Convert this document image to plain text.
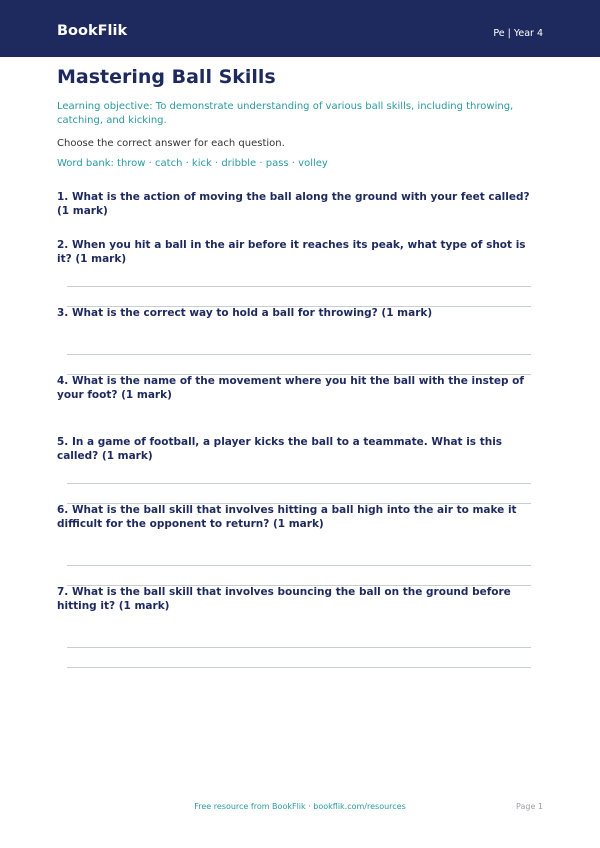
BookFlik	Pe | Year 4
Mastering Ball Skills
Learning objective: To demonstrate understanding of various ball skills, including throwing, catching, and kicking.
Choose the correct answer for each question.
Word bank: throw · catch · kick · dribble · pass · volley
1. What is the action of moving the ball along the ground with your feet called? (1 mark)
2. When you hit a ball in the air before it reaches its peak, what type of shot is it? (1 mark)
3. What is the correct way to hold a ball for throwing? (1 mark)
4. What is the name of the movement where you hit the ball with the instep of your foot? (1 mark)
5. In a game of football, a player kicks the ball to a teammate. What is this called? (1 mark)
6. What is the ball skill that involves hitting a ball high into the air to make it difficult for the opponent to return? (1 mark)
7. What is the ball skill that involves bouncing the ball on the ground before hitting it? (1 mark)
Free resource from BookFlik · bookflik.com/resources	Page 1
